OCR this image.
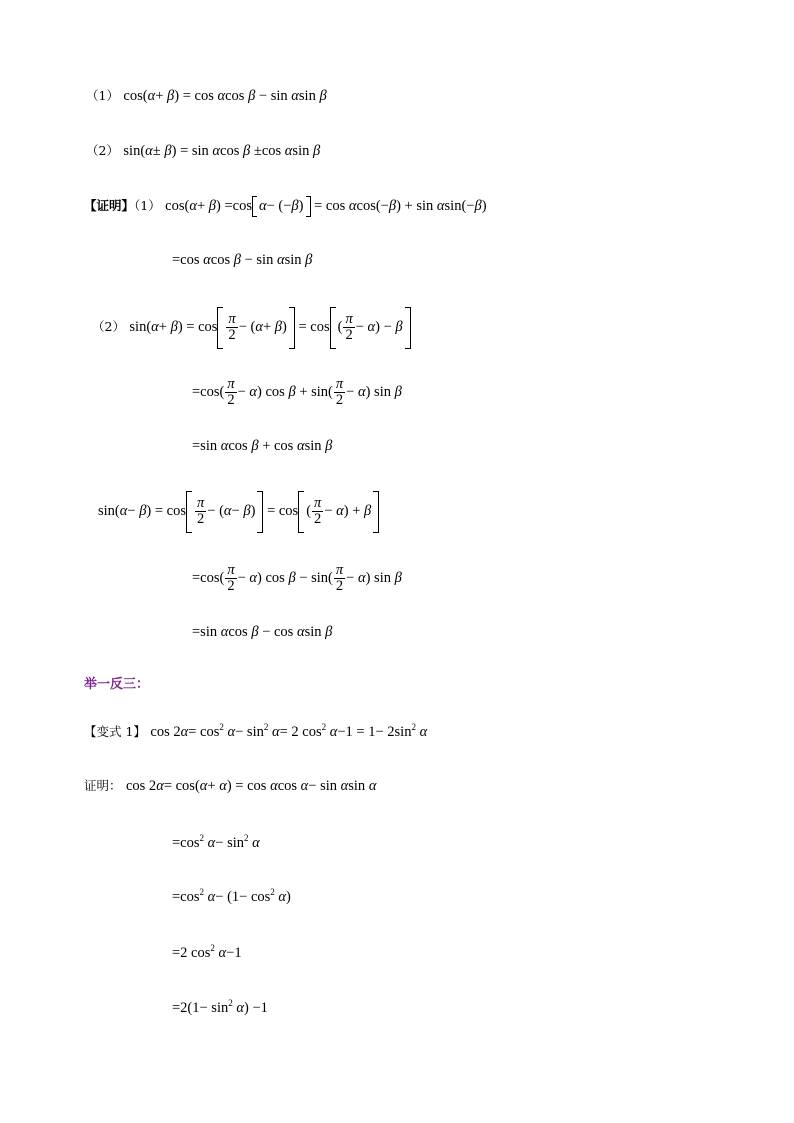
（1） cos(α+ β) = cos αcos β − sin αsin β
（2） sin(α± β) = sin αcos β ±cos αsin β
【证明】（1） cos(α+ β) =cos α− (−β) = cos αcos(−β) + sin αsin(−β)
=cos αcos β − sin αsin β
（2） $\sin(\alpha+ \beta) = \cos \frac{\pi}{2} - (\alpha+ \beta) = \cos$ ( $\frac{\pi}{2} - \alpha) - \beta$
$=\cos( \frac{\pi}{2} - \alpha)$ $\cos \beta + \sin( \frac{\pi}{2} - \alpha)$ sin β
=sin αcos β + cos αsin β
$\sin(\alpha- \beta) = \cos \frac{\pi}{2} - (\alpha- \beta) = \cos$ ( $\frac{\pi}{2} - \alpha) + \beta$
$=\cos( \frac{\pi}{2} - \alpha)$ $\cos \beta - \sin( \frac{\pi}{2} - \alpha)$ sin β
=sin αcos β − cos αsin β
举一反三：
【变式 1】 $\cos 2\alpha= \cos^2 \alpha- \sin^2 \alpha= 2$ $\cos^2 \alpha-1 = 1- 2\sin^2$ α
证明： cos 2α= cos(α+ α) = cos αcos α− sin αsin α
$=\cos^2$ $\alpha- \sin^2 \alpha$
$=\cos^2$ $\alpha- (1- \cos^2 \alpha)$
=2 $\cos^2 \alpha-1$
$=2(1- \sin^2 \alpha) -1$
